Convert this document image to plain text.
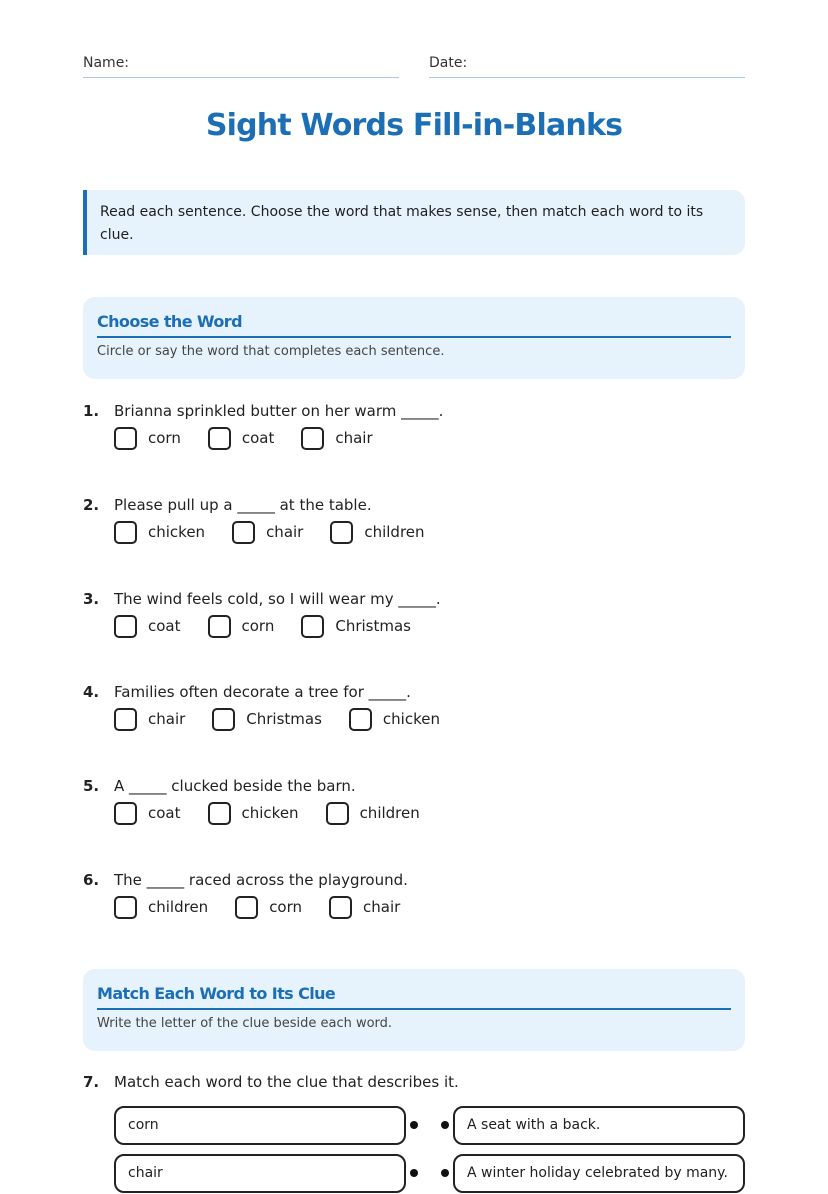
Name:	Date:
Sight Words Fill-in-Blanks
Read each sentence. Choose the word that makes sense, then match each word to its clue.
Choose the Word
Circle or say the word that completes each sentence.
1. Brianna sprinkled butter on her warm _____.
corn	coat	chair
2. Please pull up a _____ at the table.
chicken	chair	children
3. The wind feels cold, so I will wear my _____.
coat	corn	Christmas
4. Families often decorate a tree for _____.
chair	Christmas	chicken
5. A _____ clucked beside the barn.
coat	chicken	children
6. The _____ raced across the playground.
children	corn	chair
Match Each Word to Its Clue
Write the letter of the clue beside each word.
7. Match each word to the clue that describes it.
corn	A seat with a back.
chair	A winter holiday celebrated by many.
